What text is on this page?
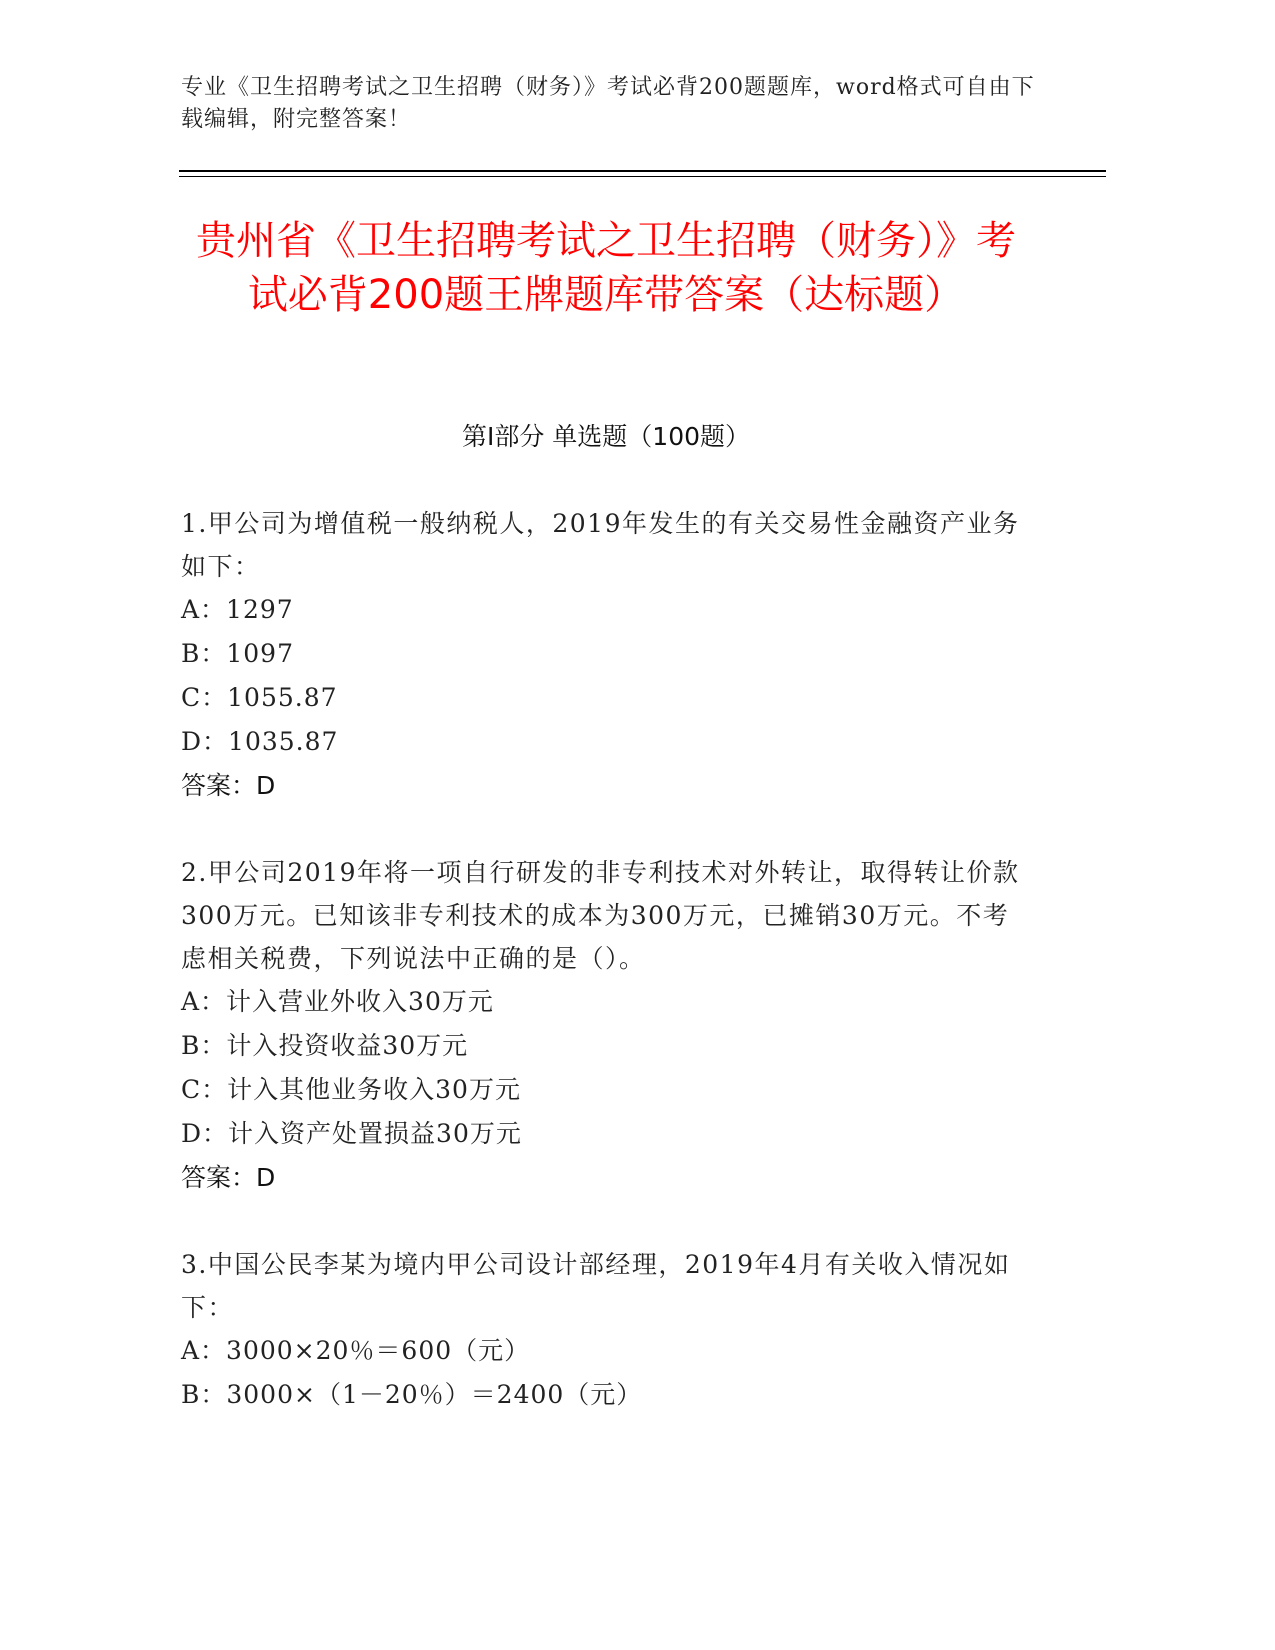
专业《卫生招聘考试之卫生招聘（财务）》考试必背200题题库，word格式可自由下载编辑，附完整答案！
贵州省《卫生招聘考试之卫生招聘（财务）》考试必背200题王牌题库带答案（达标题）
第I部分 单选题（100题）
1.甲公司为增值税一般纳税人，2019年发生的有关交易性金融资产业务如下：
A：1297
B：1097
C：1055.87
D：1035.87
答案：D
2.甲公司2019年将一项自行研发的非专利技术对外转让，取得转让价款300万元。已知该非专利技术的成本为300万元，已摊销30万元。不考虑相关税费，下列说法中正确的是（）。
A：计入营业外收入30万元
B：计入投资收益30万元
C：计入其他业务收入30万元
D：计入资产处置损益30万元
答案：D
3.中国公民李某为境内甲公司设计部经理，2019年4月有关收入情况如下：
A：3000×20％＝600（元）
B：3000×（1－20％）＝2400（元）
